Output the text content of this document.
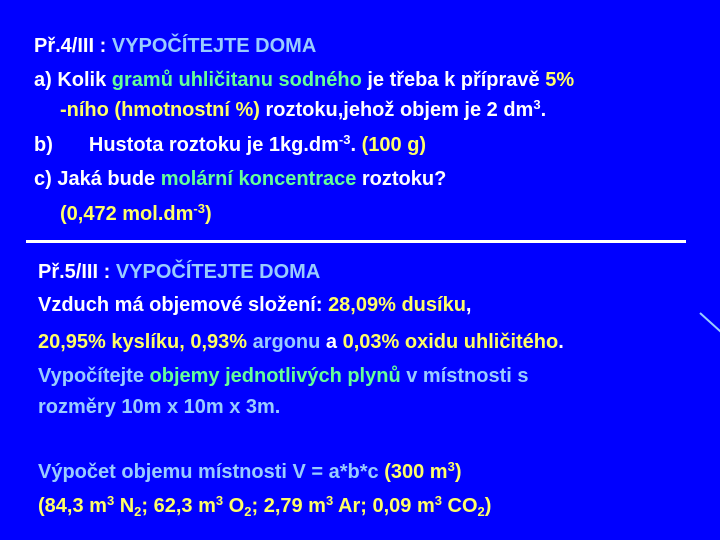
Př.4/III : VYPOČÍTEJTE DOMA
a) Kolik gramů uhličitanu sodného je třeba k přípravě 5%
-ního (hmotnostní %) roztoku,jehož objem je 2 $dm^3$.
b) Hustota roztoku je $1kg.dm^{-3}$. (100 g)
c) Jaká bude molární koncentrace roztoku?
(0,472 $mol.dm^{-3}$)
Př.5/III : VYPOČÍTEJTE DOMA
Vzduch má objemové složení: 28,09% dusíku,
20,95% kyslíku, 0,93% argonu a 0,03% oxidu uhličitého.
Vypočítejte objemy jednotlivých plynů v místnosti s
rozměry 10m x 10m x 3m.
Výpočet objemu místnosti V = a*b*c (300 $m^3$)
(84,3 $m^3$ $N_2$; 62,3 $m^3$ $O_2$; 2,79 $m^3$ Ar; 0,09 $m^3$ $CO_2$)
